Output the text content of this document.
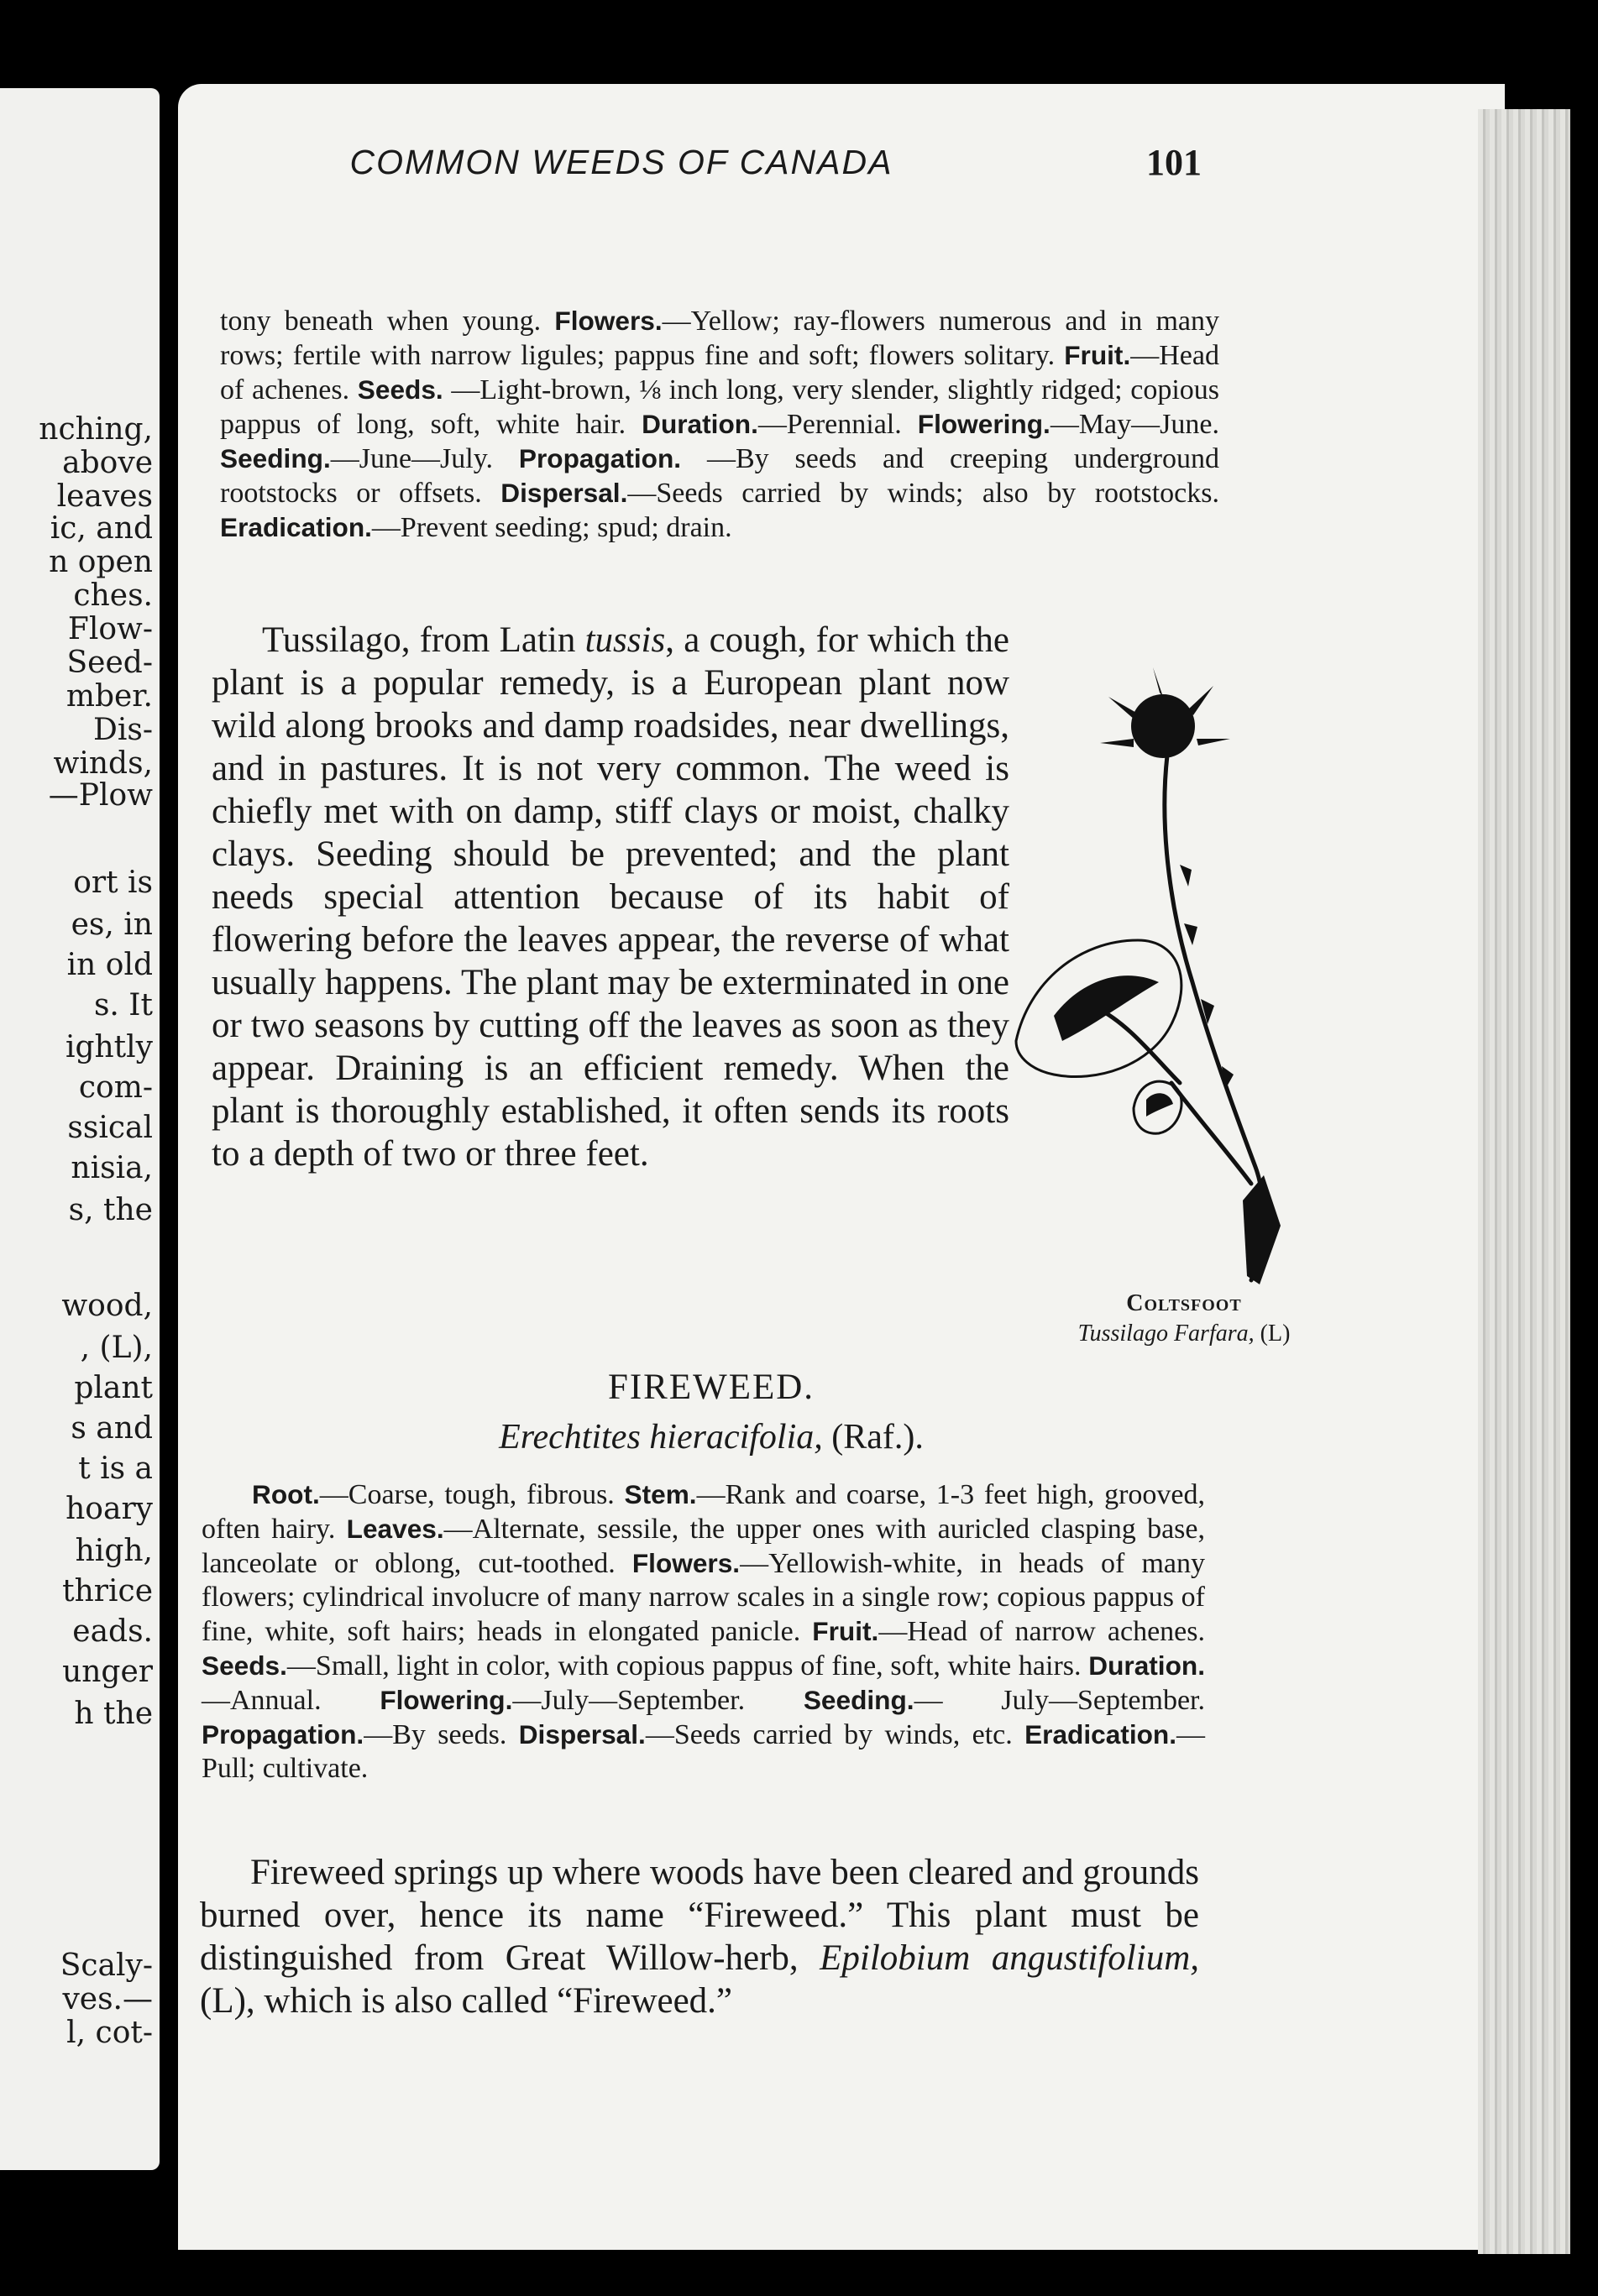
nching,
above
leaves
ic, and
n open
ches.
Flow-
Seed-
mber.
Dis-
winds,
—Plow
ort is
es, in
in old
s. It
ightly
com-
ssical
nisia,
s, the
wood,
, (L),
plant
s and
t is a
hoary
high,
thrice
eads.
unger
h the
Scaly-
ves.—
l, cot-
COMMON WEEDS OF CANADA	101

tony beneath when young. Flowers.—Yellow; ray-flowers numerous and in many rows; fertile with narrow ligules; pappus fine and soft; flowers solitary. Fruit.—Head of achenes. Seeds. —Light-brown, ⅛ inch long, very slender, slightly ridged; copious pappus of long, soft, white hair. Duration.—Perennial. Flowering.—May—June. Seeding.—June—July. Propagation. —By seeds and creeping underground rootstocks or offsets. Dispersal.—Seeds carried by winds; also by rootstocks. Eradication.—Prevent seeding; spud; drain.

Tussilago, from Latin tussis, a cough, for which the plant is a popular remedy, is a European plant now wild along brooks and damp roadsides, near dwellings, and in pastures. It is not very common. The weed is chiefly met with on damp, stiff clays or moist, chalky clays. Seeding should be prevented; and the plant needs special attention because of its habit of flowering before the leaves appear, the reverse of what usually happens. The plant may be exterminated in one or two seasons by cutting off the leaves as soon as they appear. Draining is an efficient remedy. When the plant is thoroughly established, it often sends its roots to a depth of two or three feet.

Coltsfoot
Tussilago Farfara, (L)
FIREWEED.
Erechtites hieracifolia, (Raf.).

Root.—Coarse, tough, fibrous. Stem.—Rank and coarse, 1-3 feet high, grooved, often hairy. Leaves.—Alternate, sessile, the upper ones with auricled clasping base, lanceolate or oblong, cut-toothed. Flowers.—Yellowish-white, in heads of many flowers; cylindrical involucre of many narrow scales in a single row; copious pappus of fine, white, soft hairs; heads in elongated panicle. Fruit.—Head of narrow achenes. Seeds.—Small, light in color, with copious pappus of fine, soft, white hairs. Duration.—Annual. Flowering.—July—September. Seeding.— July—September. Propagation.—By seeds. Dispersal.—Seeds carried by winds, etc. Eradication.—Pull; cultivate.

Fireweed springs up where woods have been cleared and grounds burned over, hence its name “Fireweed.” This plant must be distinguished from Great Willow-herb, Epilobium angustifolium, (L), which is also called “Fireweed.”
